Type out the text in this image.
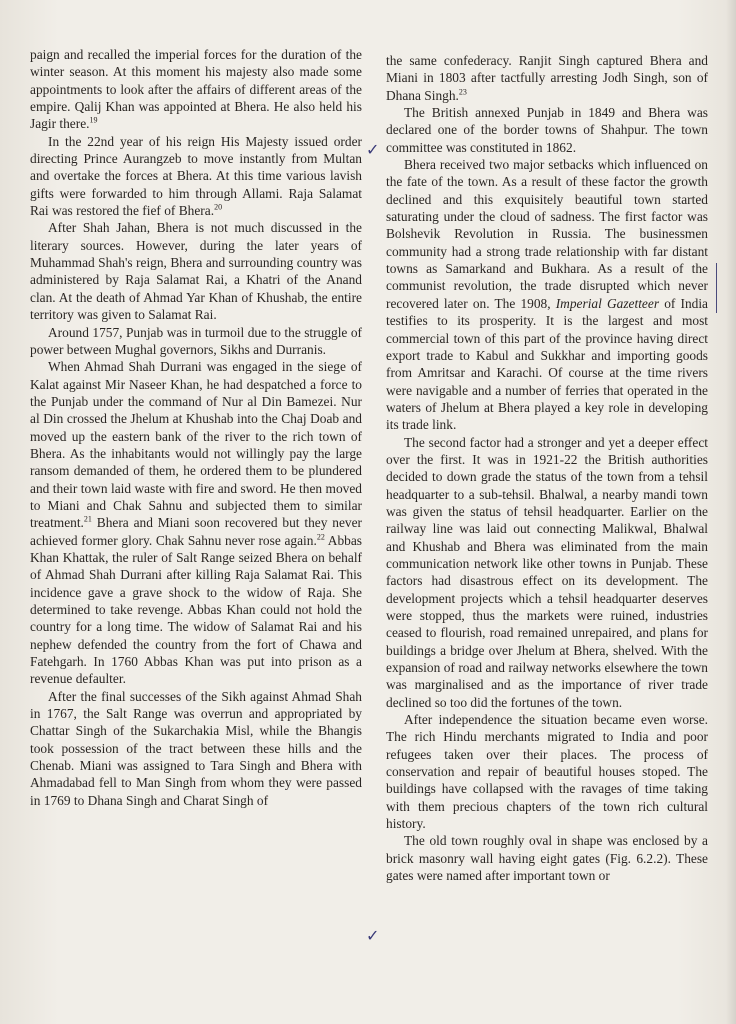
paign and recalled the imperial forces for the duration of the winter season. At this moment his majesty also made some appointments to look after the affairs of different areas of the empire. Qalij Khan was appointed at Bhera. He also held his Jagir there.$^{19}$

In the 22nd year of his reign His Majesty issued order directing Prince Aurangzeb to move instantly from Multan and overtake the forces at Bhera. At this time various lavish gifts were forwarded to him through Allami. Raja Salamat Rai was restored the fief of Bhera.$^{20}$

After Shah Jahan, Bhera is not much discussed in the literary sources. However, during the later years of Muhammad Shah's reign, Bhera and surrounding country was administered by Raja Salamat Rai, a Khatri of the Anand clan. At the death of Ahmad Yar Khan of Khushab, the entire territory was given to Salamat Rai.

Around 1757, Punjab was in turmoil due to the struggle of power between Mughal governors, Sikhs and Durranis.

When Ahmad Shah Durrani was engaged in the siege of Kalat against Mir Naseer Khan, he had despatched a force to the Punjab under the command of Nur al Din Bamezei. Nur al Din crossed the Jhelum at Khushab into the Chaj Doab and moved up the eastern bank of the river to the rich town of Bhera. As the inhabitants would not willingly pay the large ransom demanded of them, he ordered them to be plundered and their town laid waste with fire and sword. He then moved to Miani and Chak Sahnu and subjected them to similar treatment.$^{21}$ Bhera and Miani soon recovered but they never achieved former glory. Chak Sahnu never rose again.$^{22}$ Abbas Khan Khattak, the ruler of Salt Range seized Bhera on behalf of Ahmad Shah Durrani after killing Raja Salamat Rai. This incidence gave a grave shock to the widow of Raja. She determined to take revenge. Abbas Khan could not hold the country for a long time. The widow of Salamat Rai and his nephew defended the country from the fort of Chawa and Fatehgarh. In 1760 Abbas Khan was put into prison as a revenue defaulter.

After the final successes of the Sikh against Ahmad Shah in 1767, the Salt Range was overrun and appropriated by Chattar Singh of the Sukarchakia Misl, while the Bhangis took possession of the tract between these hills and the Chenab. Miani was assigned to Tara Singh and Bhera with Ahmadabad fell to Man Singh from whom they were passed in 1769 to Dhana Singh and Charat Singh of

the same confederacy. Ranjit Singh captured Bhera and Miani in 1803 after tactfully arresting Jodh Singh, son of Dhana Singh.$^{23}$

The British annexed Punjab in 1849 and Bhera was declared one of the border towns of Shahpur. The town committee was constituted in 1862.

Bhera received two major setbacks which influenced on the fate of the town. As a result of these factor the growth declined and this exquisitely beautiful town started saturating under the cloud of sadness. The first factor was Bolshevik Revolution in Russia. The businessmen community had a strong trade relationship with far distant towns as Samarkand and Bukhara. As a result of the communist revolution, the trade disrupted which never recovered later on. The 1908, Imperial Gazetteer of India testifies to its prosperity. It is the largest and most commercial town of this part of the province having direct export trade to Kabul and Sukkhar and importing goods from Amritsar and Karachi. Of course at the time rivers were navigable and a number of ferries that operated in the waters of Jhelum at Bhera played a key role in developing its trade link.

The second factor had a stronger and yet a deeper effect over the first. It was in 1921-22 the British authorities decided to down grade the status of the town from a tehsil headquarter to a sub-tehsil. Bhalwal, a nearby mandi town was given the status of tehsil headquarter. Earlier on the railway line was laid out connecting Malikwal, Bhalwal and Khushab and Bhera was eliminated from the main communication network like other towns in Punjab. These factors had disastrous effect on its development. The development projects which a tehsil headquarter deserves were stopped, thus the markets were ruined, industries ceased to flourish, road remained unrepaired, and plans for buildings a bridge over Jhelum at Bhera, shelved. With the expansion of road and railway networks elsewhere the town was marginalised and as the importance of river trade declined so too did the fortunes of the town.

After independence the situation became even worse. The rich Hindu merchants migrated to India and poor refugees taken over their places. The process of conservation and repair of beautiful houses stoped. The buildings have collapsed with the ravages of time taking with them precious chapters of the town rich cultural history.

The old town roughly oval in shape was enclosed by a brick masonry wall having eight gates (Fig. 6.2.2). These gates were named after important town or

✓
✓
